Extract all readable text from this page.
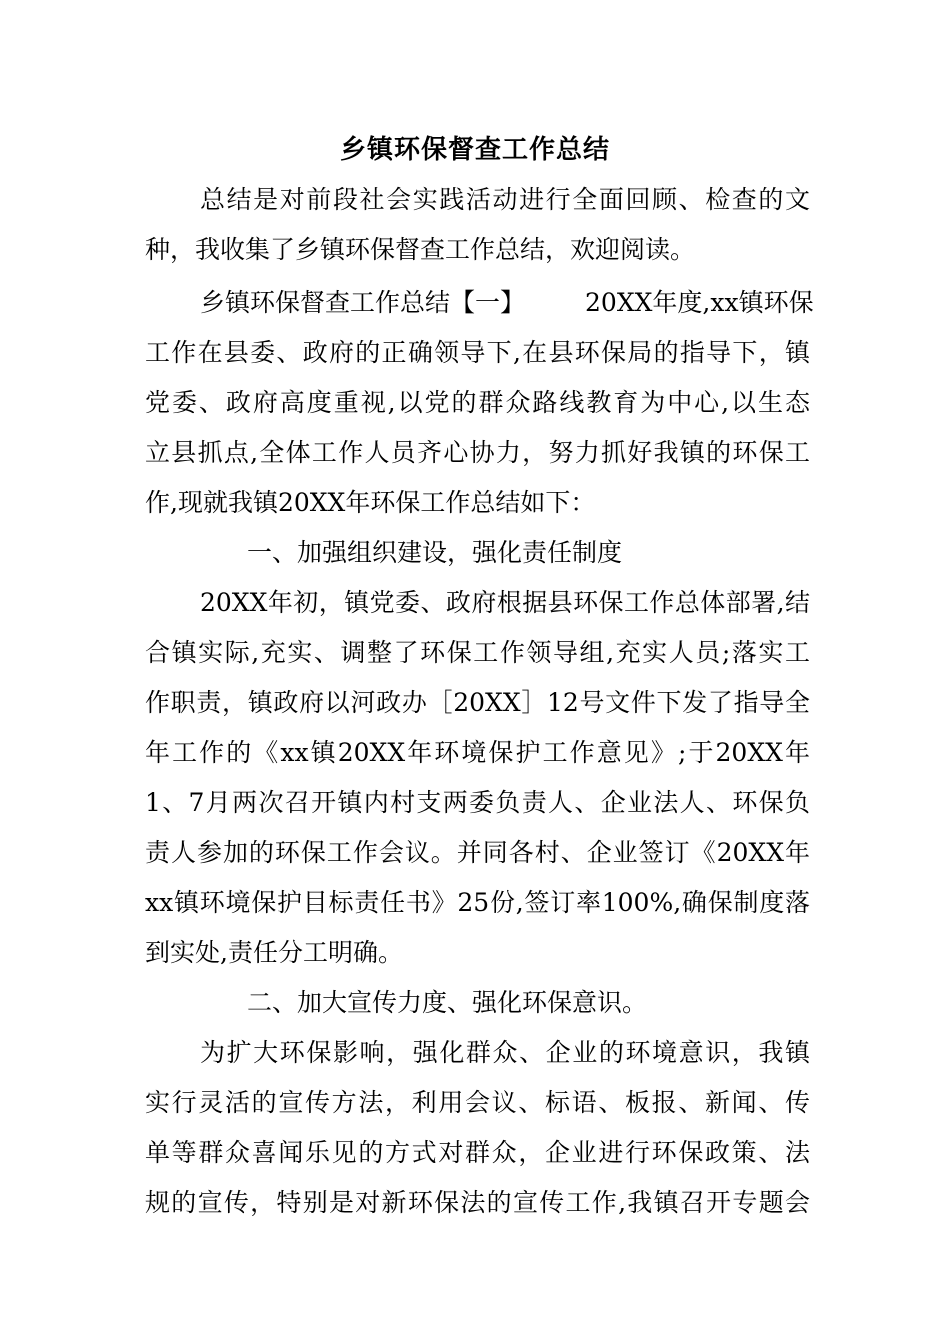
乡镇环保督查工作总结
总结是对前段社会实践活动进行全面回顾、检查的文
种，我收集了乡镇环保督查工作总结，欢迎阅读。
乡镇环保督查工作总结【一】 20XX年度,xx镇环保
工作在县委、政府的正确领导下,在县环保局的指导下，镇
党委、政府高度重视,以党的群众路线教育为中心,以生态
立县抓点,全体工作人员齐心协力，努力抓好我镇的环保工
作,现就我镇20XX年环保工作总结如下：
一、加强组织建设，强化责任制度
20XX年初，镇党委、政府根据县环保工作总体部署,结
合镇实际,充实、调整了环保工作领导组,充实人员;落实工
作职责，镇政府以河政办［20XX］12号文件下发了指导全
年工作的《xx镇20XX年环境保护工作意见》;于20XX年
1、7月两次召开镇内村支两委负责人、企业法人、环保负
责人参加的环保工作会议。并同各村、企业签订《20XX年
xx镇环境保护目标责任书》25份,签订率100%,确保制度落
到实处,责任分工明确。
二、加大宣传力度、强化环保意识。
为扩大环保影响，强化群众、企业的环境意识，我镇
实行灵活的宣传方法，利用会议、标语、板报、新闻、传
单等群众喜闻乐见的方式对群众，企业进行环保政策、法
规的宣传，特别是对新环保法的宣传工作,我镇召开专题会
